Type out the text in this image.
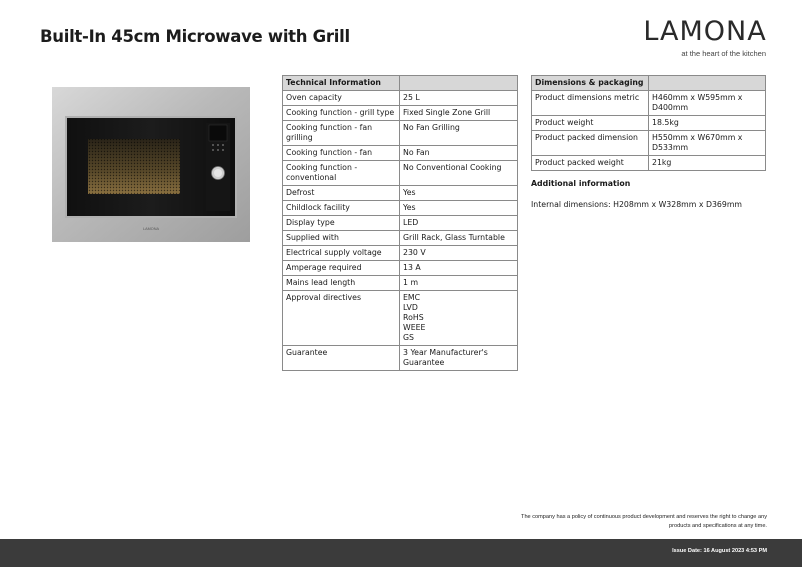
Built-In 45cm Microwave with Grill	LAMONA
at the heart of the kitchen
LAMONA
Technical Information	
Oven capacity	25 L
Cooking function - grill type	Fixed Single Zone Grill
Cooking function - fan grilling	No Fan Grilling
Cooking function - fan	No Fan
Cooking function - conventional	No Conventional Cooking
Defrost	Yes
Childlock facility	Yes
Display type	LED
Supplied with	Grill Rack, Glass Turntable
Electrical supply voltage	230 V
Amperage required	13 A
Mains lead length	1 m
Approval directives	EMC
LVD
RoHS
WEEE
GS

Guarantee	3 Year Manufacturer's Guarantee
Dimensions & packaging	
Product dimensions metric	H460mm x W595mm x D400mm
Product weight	18.5kg
Product packed dimension	H550mm x W670mm x D533mm
Product packed weight	21kg
Additional information
Internal dimensions: H208mm x W328mm x D369mm
The company has a policy of continuous product development and reserves the right to change any products and specifications at any time.
Issue Date: 16 August 2023 4:53 PM
